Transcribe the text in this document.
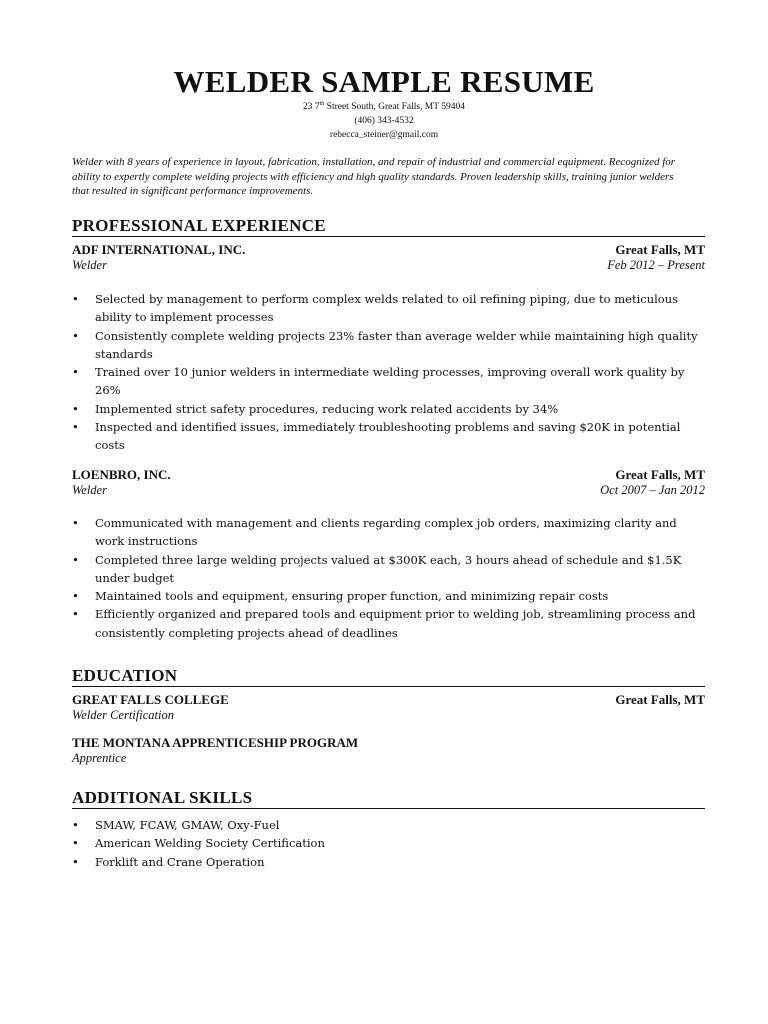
WELDER SAMPLE RESUME
23 7th Street South, Great Falls, MT 59404
(406) 343-4532
rebecca_steiner@gmail.com
Welder with 8 years of experience in layout, fabrication, installation, and repair of industrial and commercial equipment. Recognized for ability to expertly complete welding projects with efficiency and high quality standards. Proven leadership skills, training junior welders that resulted in significant performance improvements.
PROFESSIONAL EXPERIENCE
ADF INTERNATIONAL, INC.	Great Falls, MT
Welder	Feb 2012 – Present
• Selected by management to perform complex welds related to oil refining piping, due to meticulous ability to implement processes
• Consistently complete welding projects 23% faster than average welder while maintaining high quality standards
• Trained over 10 junior welders in intermediate welding processes, improving overall work quality by 26%
• Implemented strict safety procedures, reducing work related accidents by 34%
• Inspected and identified issues, immediately troubleshooting problems and saving $20K in potential costs
LOENBRO, INC.	Great Falls, MT
Welder	Oct 2007 – Jan 2012
• Communicated with management and clients regarding complex job orders, maximizing clarity and work instructions
• Completed three large welding projects valued at $300K each, 3 hours ahead of schedule and $1.5K under budget
• Maintained tools and equipment, ensuring proper function, and minimizing repair costs
• Efficiently organized and prepared tools and equipment prior to welding job, streamlining process and consistently completing projects ahead of deadlines
EDUCATION
GREAT FALLS COLLEGE	Great Falls, MT
Welder Certification
THE MONTANA APPRENTICESHIP PROGRAM
Apprentice
ADDITIONAL SKILLS
• SMAW, FCAW, GMAW, Oxy-Fuel
• American Welding Society Certification
• Forklift and Crane Operation
